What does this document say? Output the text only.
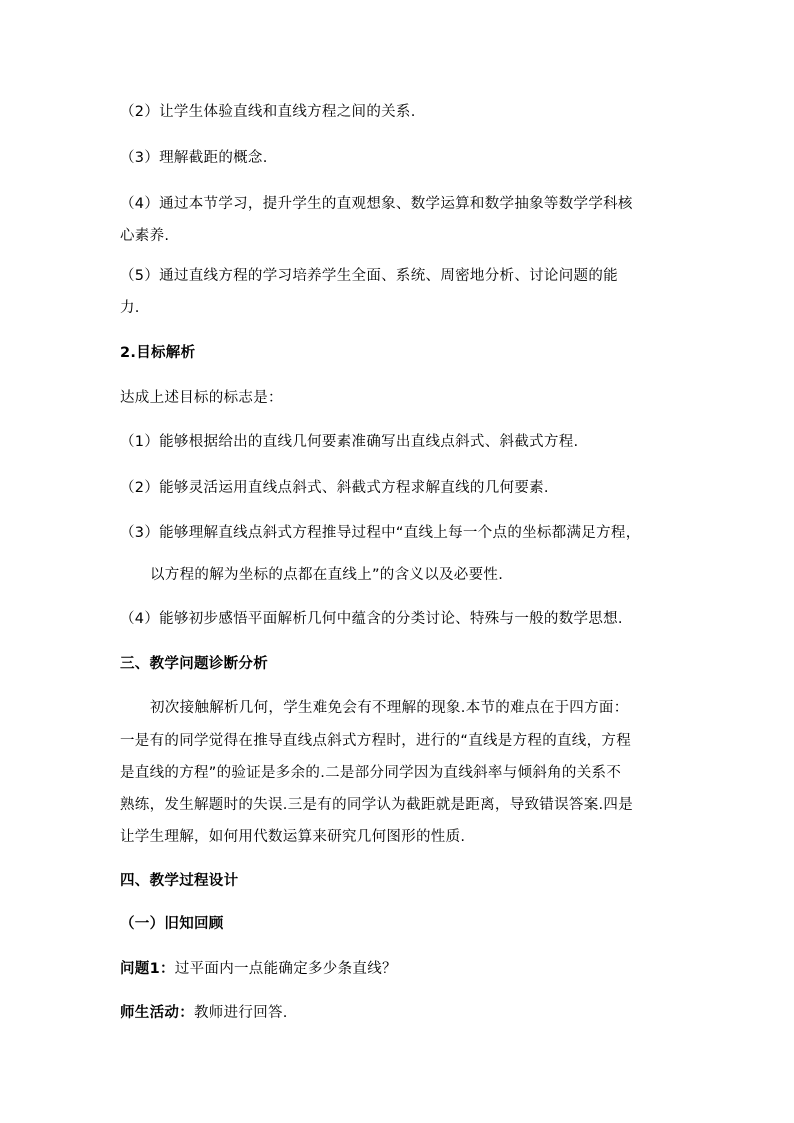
（2）让学生体验直线和直线方程之间的关系.
（3）理解截距的概念.
（4）通过本节学习，提升学生的直观想象、数学运算和数学抽象等数学学科核
心素养.
（5）通过直线方程的学习培养学生全面、系统、周密地分析、讨论问题的能
力.
2.目标解析
达成上述目标的标志是：
（1）能够根据给出的直线几何要素准确写出直线点斜式、斜截式方程.
（2）能够灵活运用直线点斜式、斜截式方程求解直线的几何要素.
（3）能够理解直线点斜式方程推导过程中“直线上每一个点的坐标都满足方程，
以方程的解为坐标的点都在直线上”的含义以及必要性.
（4）能够初步感悟平面解析几何中蕴含的分类讨论、特殊与一般的数学思想.
三、教学问题诊断分析
初次接触解析几何，学生难免会有不理解的现象.本节的难点在于四方面：
一是有的同学觉得在推导直线点斜式方程时，进行的“直线是方程的直线，方程
是直线的方程”的验证是多余的.二是部分同学因为直线斜率与倾斜角的关系不
熟练，发生解题时的失误.三是有的同学认为截距就是距离，导致错误答案.四是
让学生理解，如何用代数运算来研究几何图形的性质.
四、教学过程设计
（一）旧知回顾
问题1：过平面内一点能确定多少条直线？
师生活动：教师进行回答.
